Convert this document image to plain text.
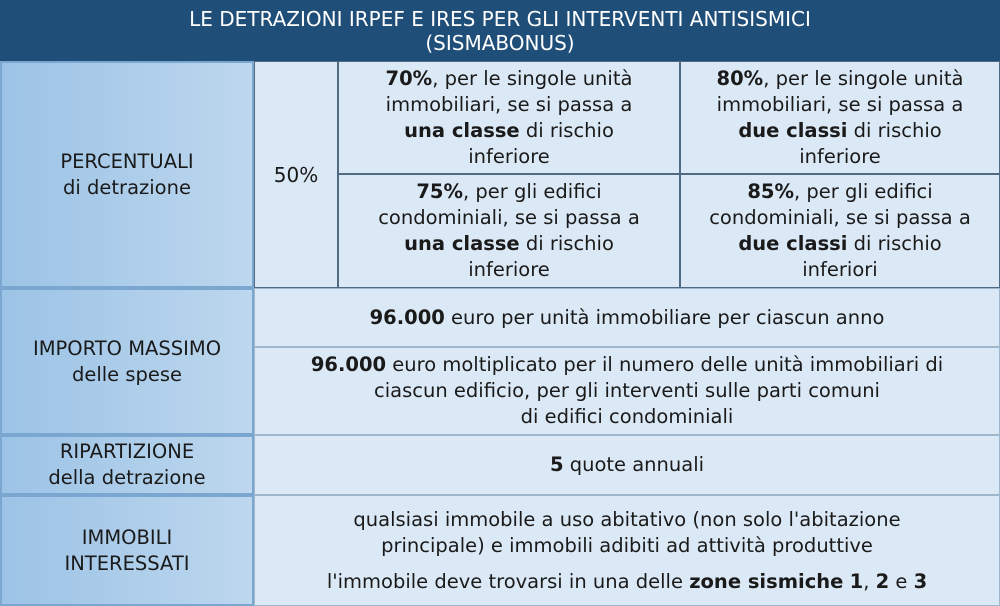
LE DETRAZIONI IRPEF E IRES PER GLI INTERVENTI ANTISISMICI
(SISMABONUS)
PERCENTUALI
di detrazione
50%
70%, per le singole unità
immobiliari, se si passa a
una classe di rischio
inferiore
80%, per le singole unità
immobiliari, se si passa a
due classi di rischio
inferiore
75%, per gli edifici
condominiali, se si passa a
una classe di rischio
inferiore
85%, per gli edifici
condominiali, se si passa a
due classi di rischio
inferiori
IMPORTO MASSIMO
delle spese
96.000 euro per unità immobiliare per ciascun anno
96.000 euro moltiplicato per il numero delle unità immobiliari di
ciascun edificio, per gli interventi sulle parti comuni
di edifici condominiali
RIPARTIZIONE
della detrazione
5 quote annuali
IMMOBILI
INTERESSATI
qualsiasi immobile a uso abitativo (non solo l'abitazione
principale) e immobili adibiti ad attività produttive
l'immobile deve trovarsi in una delle zone sismiche 1, 2 e 3
